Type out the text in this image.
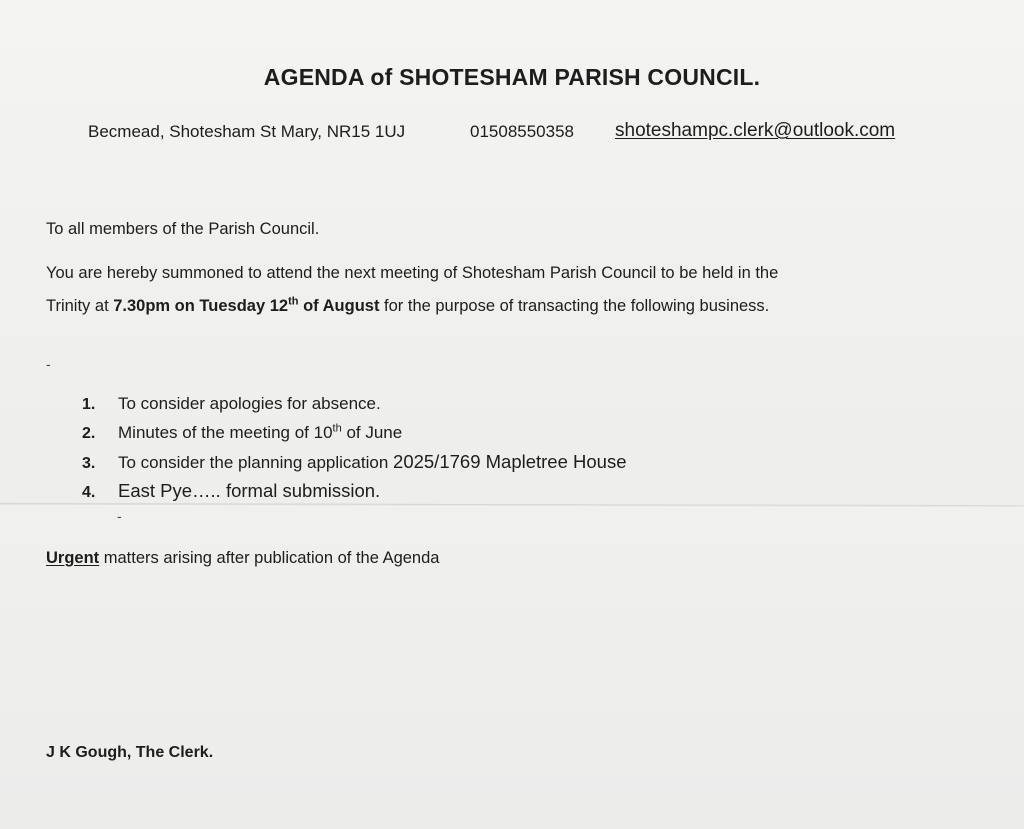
AGENDA of SHOTESHAM PARISH COUNCIL.
Becmead, Shotesham St Mary, NR15 1UJ	01508550358 shoteshampc.clerk@outlook.com
To all members of the Parish Council.
You are hereby summoned to attend the next meeting of Shotesham Parish Council to be held in the
Trinity at 7.30pm on Tuesday 12th of August for the purpose of transacting the following business.
-
1. To consider apologies for absence.
2. Minutes of the meeting of 10th of June
3. To consider the planning application 2025/1769 Mapletree House
4. East Pye….. formal submission.
-
Urgent matters arising after publication of the Agenda
J K Gough, The Clerk.
